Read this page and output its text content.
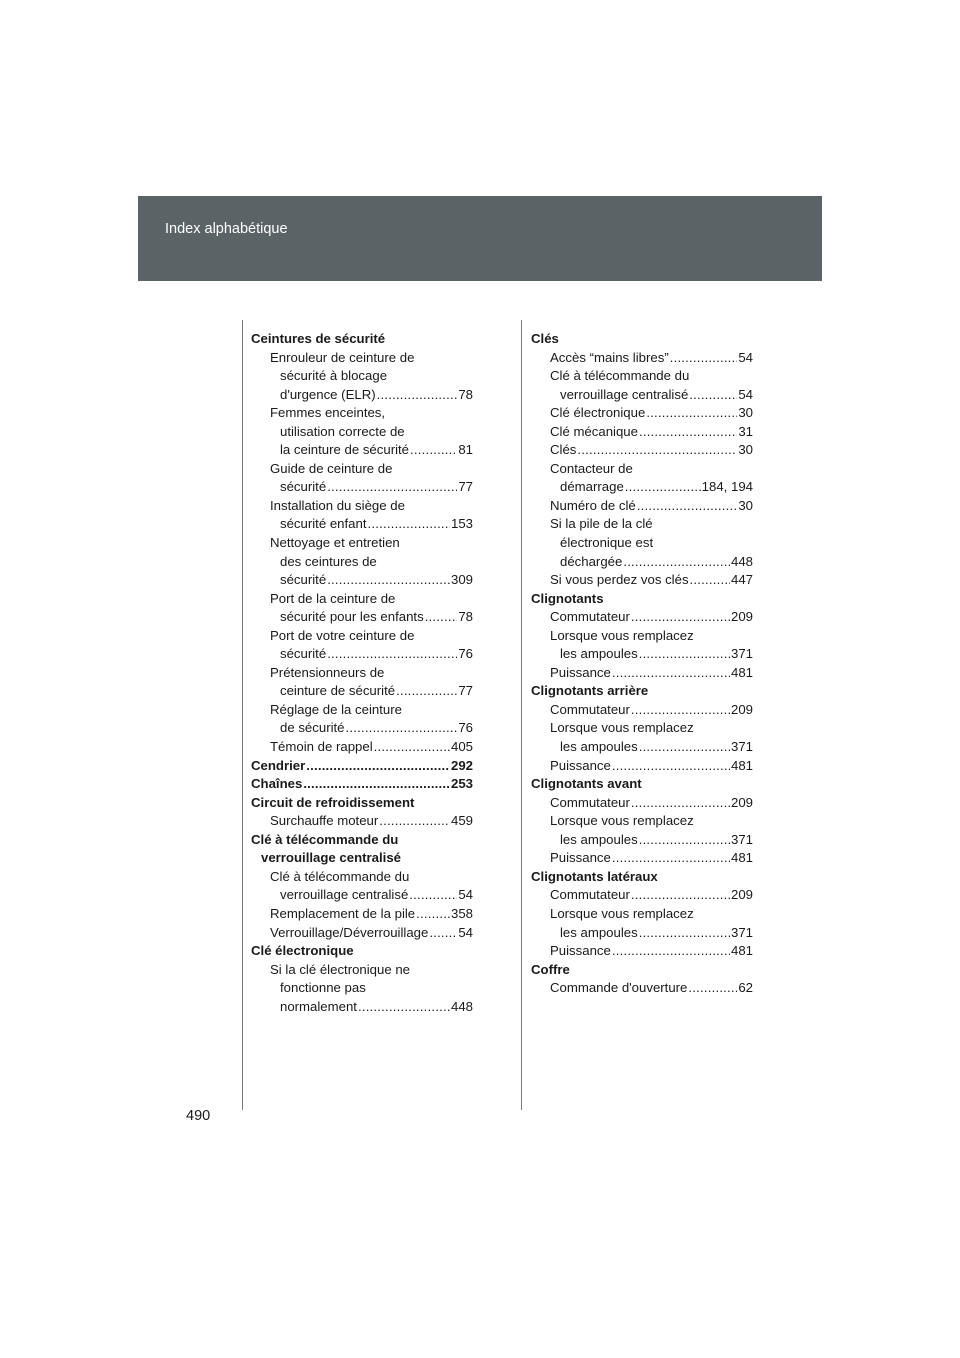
Index alphabétique
Ceintures de sécurité
Enrouleur de ceinture de
sécurité à blocage
d'urgence (ELR) .....	78
Femmes enceintes,
utilisation correcte de
la ceinture de sécurité .....	81
Guide de ceinture de
sécurité .....	77
Installation du siège de
sécurité enfant .....	153
Nettoyage et entretien
des ceintures de
sécurité .....	309
Port de la ceinture de
sécurité pour les enfants .....	78
Port de votre ceinture de
sécurité .....	76
Prétensionneurs de
ceinture de sécurité .....	77
Réglage de la ceinture
de sécurité .....	76
Témoin de rappel .....	405
Cendrier .....	292
Chaînes .....	253
Circuit de refroidissement
Surchauffe moteur .....	459
Clé à télécommande du
verrouillage centralisé
Clé à télécommande du
verrouillage centralisé .....	54
Remplacement de la pile .....	358
Verrouillage/Déverrouillage ..... 54
Clé électronique
Si la clé électronique ne
fonctionne pas
normalement .....	448
Clés
Accès “mains libres” .....	54
Clé à télécommande du
verrouillage centralisé .....	54
Clé électronique .....	30
Clé mécanique .....	31
Clés .....	30
Contacteur de
démarrage .....	184, 194
Numéro de clé .....	30
Si la pile de la clé
électronique est
déchargée .....	448
Si vous perdez vos clés .....	447
Clignotants
Commutateur .....	209
Lorsque vous remplacez
les ampoules .....	371
Puissance .....	481
Clignotants arrière
Commutateur .....	209
Lorsque vous remplacez
les ampoules .....	371
Puissance .....	481
Clignotants avant
Commutateur .....	209
Lorsque vous remplacez
les ampoules .....	371
Puissance .....	481
Clignotants latéraux
Commutateur .....	209
Lorsque vous remplacez
les ampoules .....	371
Puissance .....	481
Coffre
Commande d'ouverture .....	62
490
